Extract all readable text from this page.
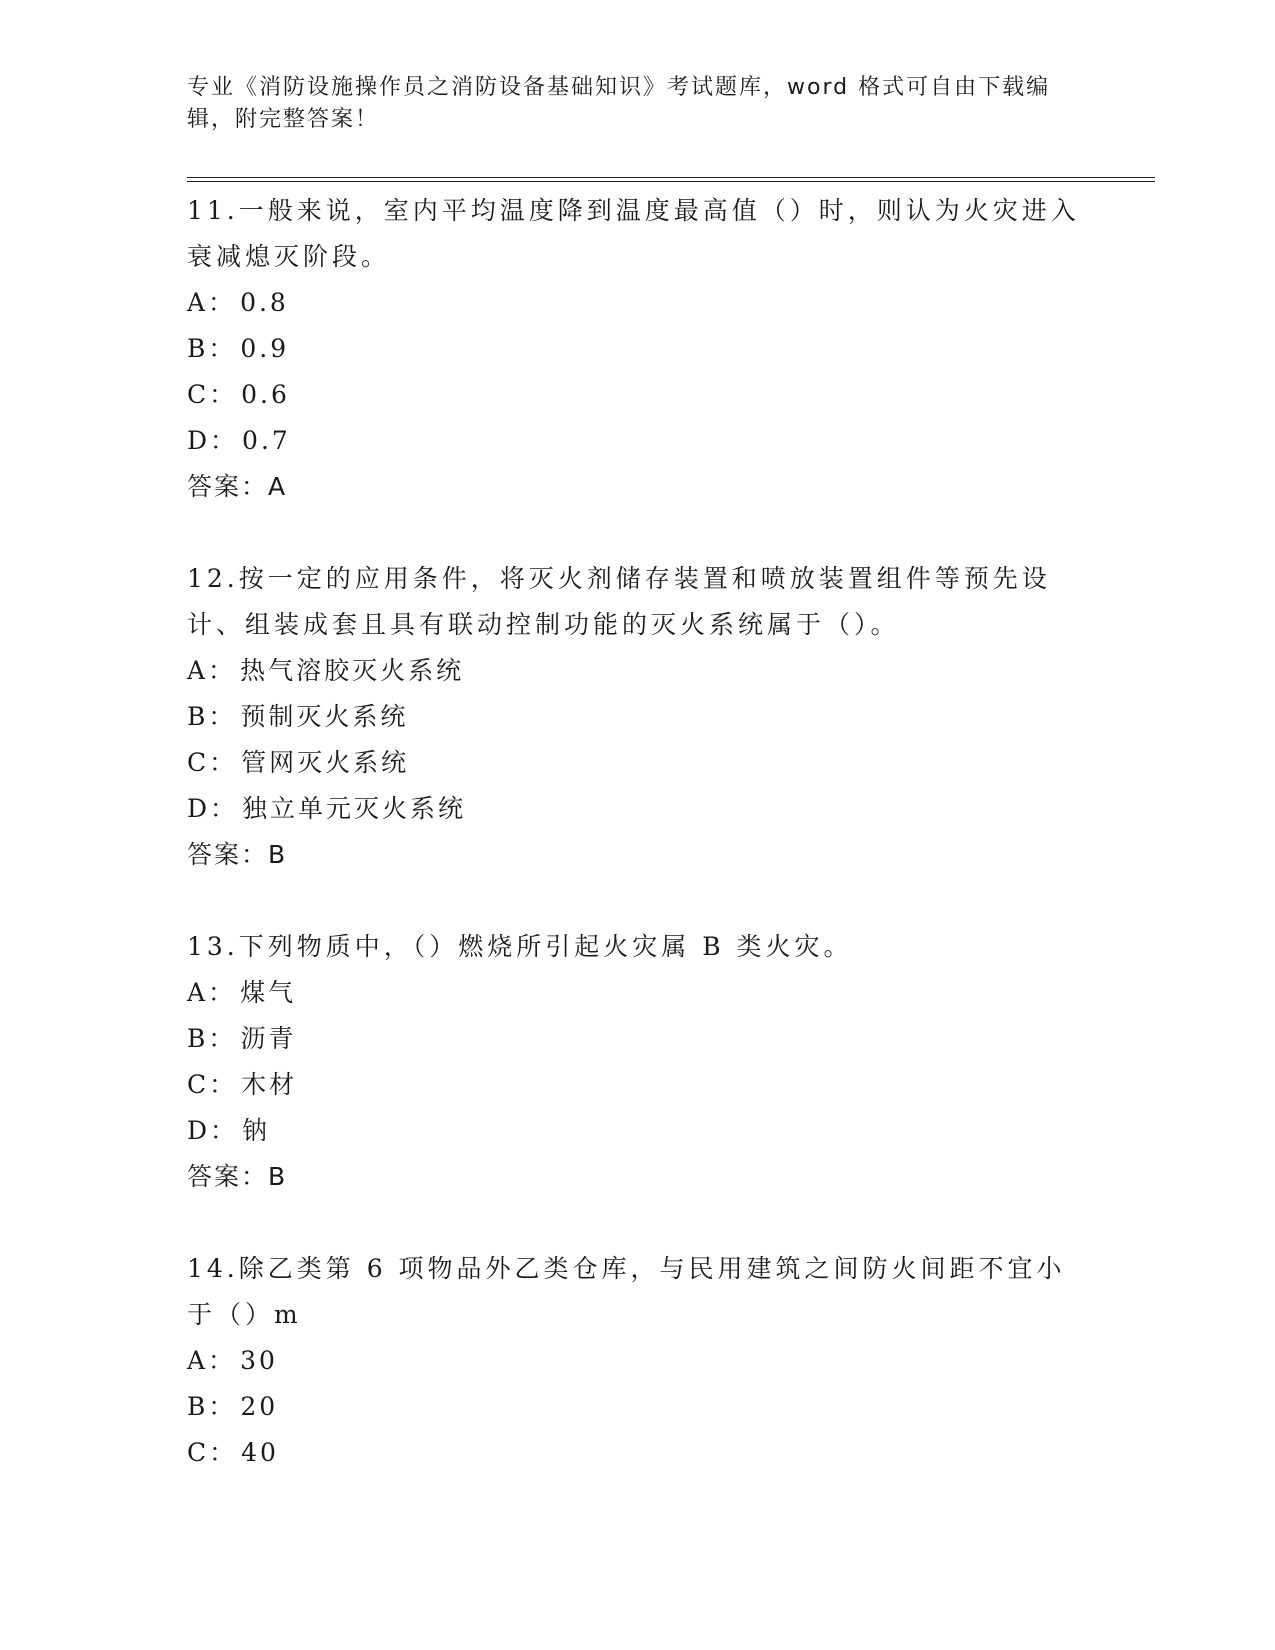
专业《消防设施操作员之消防设备基础知识》考试题库，word 格式可自由下载编辑，附完整答案！

11.一般来说，室内平均温度降到温度最高值（）时，则认为火灾进入衰减熄灭阶段。

A： 0.8

B： 0.9

C： 0.6

D： 0.7

答案：A

12.按一定的应用条件，将灭火剂储存装置和喷放装置组件等预先设计、组装成套且具有联动控制功能的灭火系统属于（）。

A： 热气溶胶灭火系统

B： 预制灭火系统

C： 管网灭火系统

D： 独立单元灭火系统

答案：B

13.下列物质中，（）燃烧所引起火灾属 B 类火灾。

A： 煤气

B： 沥青

C： 木材

D： 钠

答案：B

14.除乙类第 6 项物品外乙类仓库，与民用建筑之间防火间距不宜小于（）m

A： 30

B： 20

C： 40
